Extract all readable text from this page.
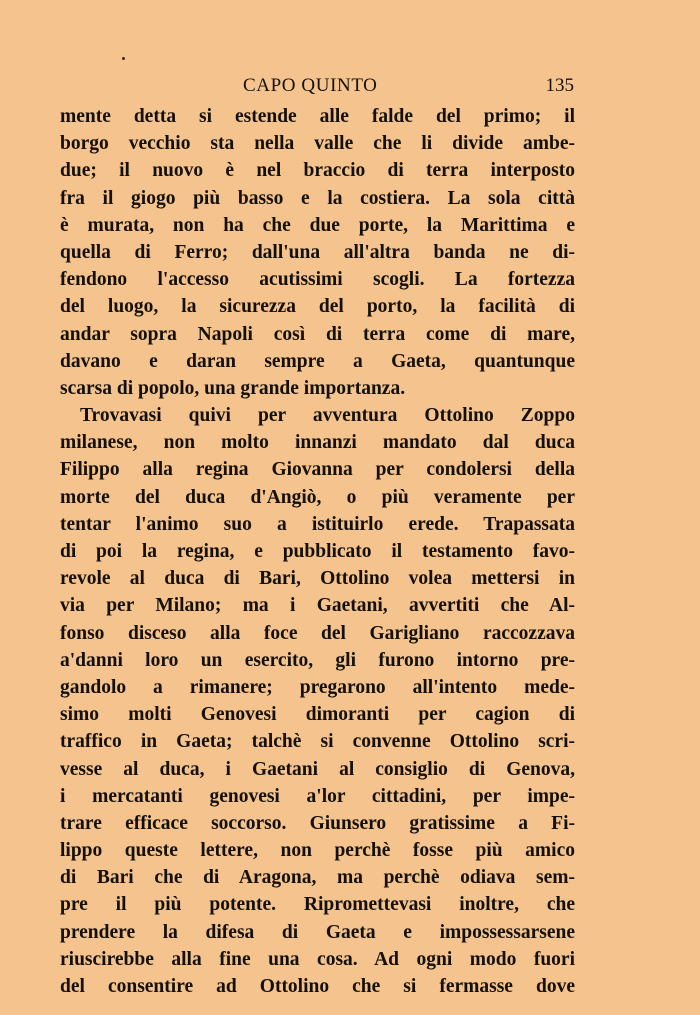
CAPO QUINTO	135
mente detta si estende alle falde del primo; il
borgo vecchio sta nella valle che li divide ambe-
due; il nuovo è nel braccio di terra interposto
fra il giogo più basso e la costiera. La sola città
è murata, non ha che due porte, la Marittima e
quella di Ferro; dall'una all'altra banda ne di-
fendono l'accesso acutissimi scogli. La fortezza
del luogo, la sicurezza del porto, la facilità di
andar sopra Napoli così di terra come di mare,
davano e daran sempre a Gaeta, quantunque
scarsa di popolo, una grande importanza.
Trovavasi quivi per avventura Ottolino Zoppo
milanese, non molto innanzi mandato dal duca
Filippo alla regina Giovanna per condolersi della
morte del duca d'Angiò, o più veramente per
tentar l'animo suo a istituirlo erede. Trapassata
di poi la regina, e pubblicato il testamento favo-
revole al duca di Bari, Ottolino volea mettersi in
via per Milano; ma i Gaetani, avvertiti che Al-
fonso disceso alla foce del Garigliano raccozzava
a'danni loro un esercito, gli furono intorno pre-
gandolo a rimanere; pregarono all'intento mede-
simo molti Genovesi dimoranti per cagion di
traffico in Gaeta; talchè si convenne Ottolino scri-
vesse al duca, i Gaetani al consiglio di Genova,
i mercatanti genovesi a'lor cittadini, per impe-
trare efficace soccorso. Giunsero gratissime a Fi-
lippo queste lettere, non perchè fosse più amico
di Bari che di Aragona, ma perchè odiava sem-
pre il più potente. Ripromettevasi inoltre, che
prendere la difesa di Gaeta e impossessarsene
riuscirebbe alla fine una cosa. Ad ogni modo fuori
del consentire ad Ottolino che si fermasse dove
